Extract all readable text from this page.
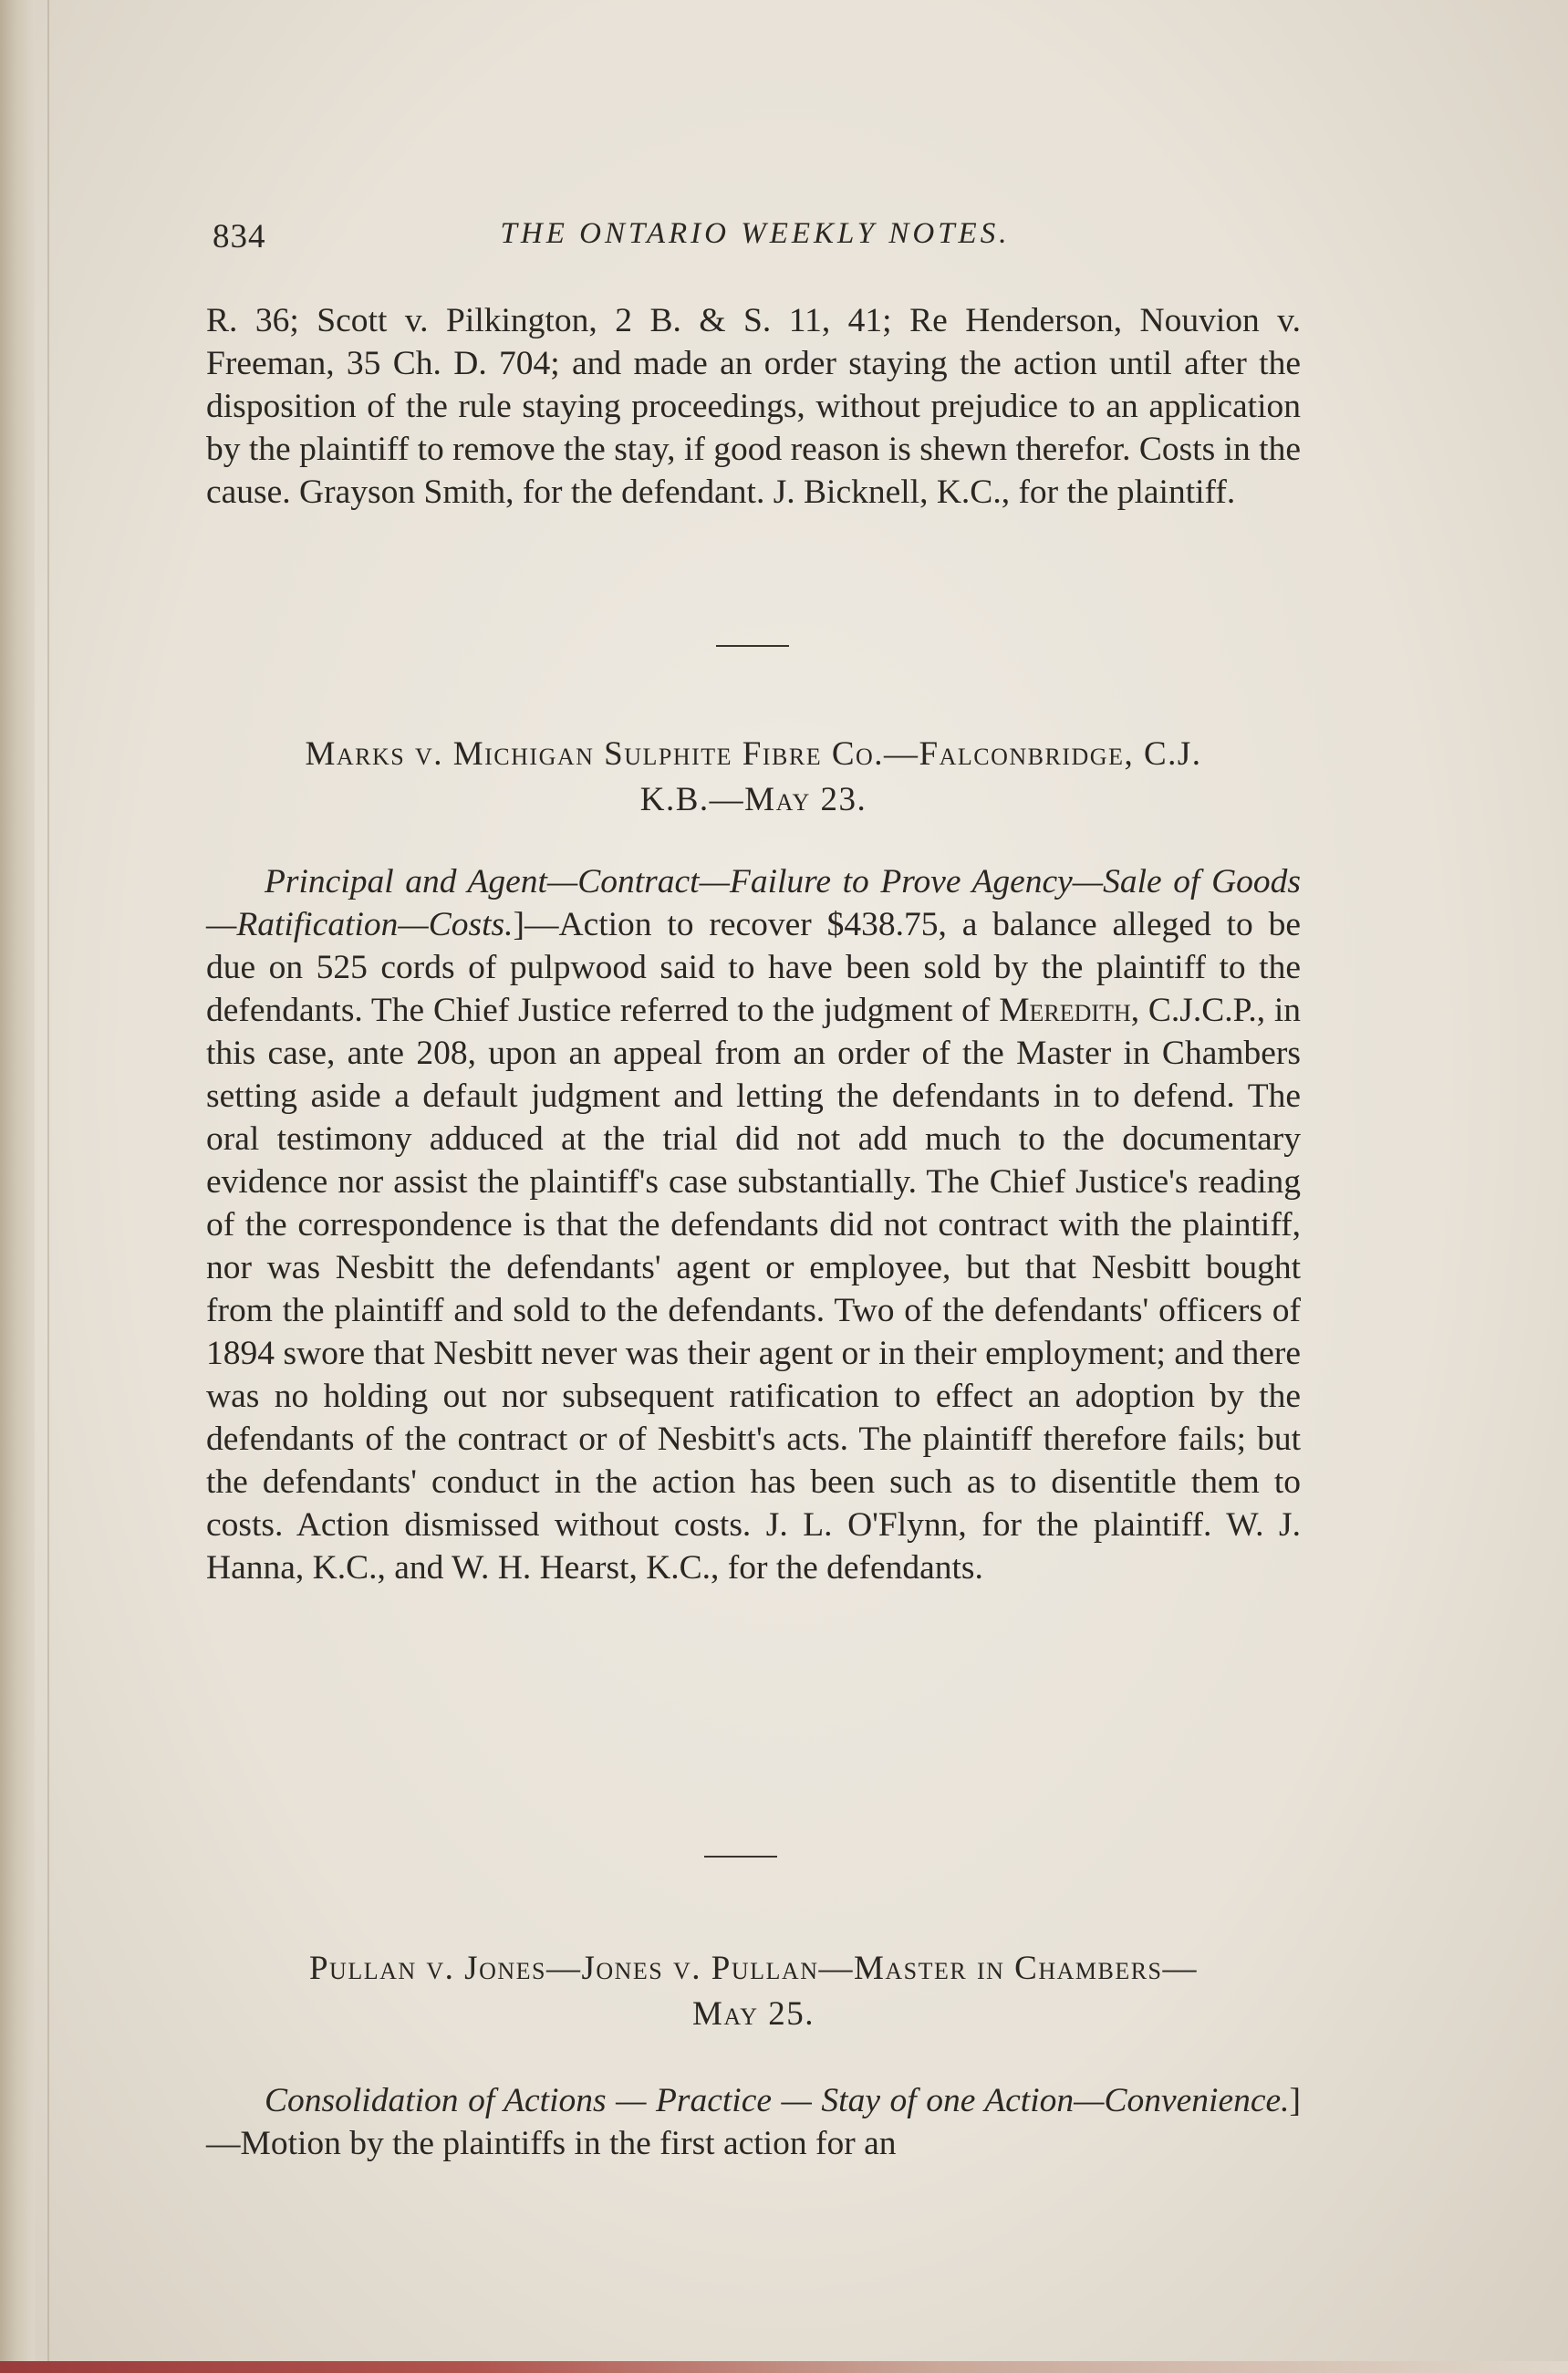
834	THE ONTARIO WEEKLY NOTES.
R. 36; Scott v. Pilkington, 2 B. & S. 11, 41; Re Henderson, Nouvion v. Freeman, 35 Ch. D. 704; and made an order staying the action until after the disposition of the rule staying proceedings, without prejudice to an application by the plaintiff to remove the stay, if good reason is shewn therefor. Costs in the cause. Grayson Smith, for the defendant. J. Bicknell, K.C., for the plaintiff.
Marks v. Michigan Sulphite Fibre Co.—Falconbridge, C.J.
K.B.—May 23.
Principal and Agent—Contract—Failure to Prove Agency—Sale of Goods—Ratification—Costs.]—Action to recover $438.75, a balance alleged to be due on 525 cords of pulpwood said to have been sold by the plaintiff to the defendants. The Chief Justice referred to the judgment of Meredith, C.J.C.P., in this case, ante 208, upon an appeal from an order of the Master in Chambers setting aside a default judgment and letting the defendants in to defend. The oral testimony adduced at the trial did not add much to the documentary evidence nor assist the plaintiff's case substantially. The Chief Justice's reading of the correspondence is that the defendants did not contract with the plaintiff, nor was Nesbitt the defendants' agent or employee, but that Nesbitt bought from the plaintiff and sold to the defendants. Two of the defendants' officers of 1894 swore that Nesbitt never was their agent or in their employment; and there was no holding out nor subsequent ratification to effect an adoption by the defendants of the contract or of Nesbitt's acts. The plaintiff therefore fails; but the defendants' conduct in the action has been such as to disentitle them to costs. Action dismissed without costs. J. L. O'Flynn, for the plaintiff. W. J. Hanna, K.C., and W. H. Hearst, K.C., for the defendants.
Pullan v. Jones—Jones v. Pullan—Master in Chambers—
May 25.
Consolidation of Actions — Practice — Stay of one Action—Convenience.]—Motion by the plaintiffs in the first action for an
